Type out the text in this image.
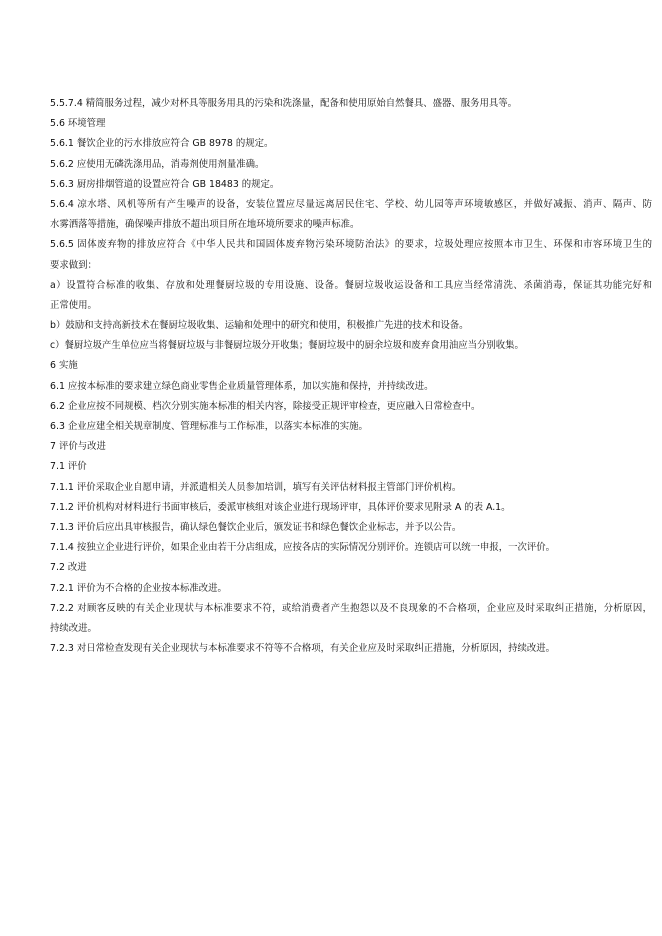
5.5.7.4 精简服务过程，减少对杯具等服务用具的污染和洗涤量，配备和使用原始自然餐具、盛器、服务用具等。

5.6 环境管理

5.6.1 餐饮企业的污水排放应符合 GB 8978 的规定。

5.6.2 应使用无磷洗涤用品，消毒剂使用剂量准确。

5.6.3 厨房排烟管道的设置应符合 GB 18483 的规定。

5.6.4 凉水塔、风机等所有产生噪声的设备，安装位置应尽量远离居民住宅、学校、幼儿园等声环境敏感区，并做好减振、消声、隔声、防

水雾洒落等措施，确保噪声排放不超出项目所在地环境所要求的噪声标准。

5.6.5 固体废弃物的排放应符合《中华人民共和国固体废弃物污染环境防治法》的要求，垃圾处理应按照本市卫生、环保和市容环境卫生的

要求做到：

a）设置符合标准的收集、存放和处理餐厨垃圾的专用设施、设备。餐厨垃圾收运设备和工具应当经常清洗、杀菌消毒，保证其功能完好和

正常使用。

b）鼓励和支持高新技术在餐厨垃圾收集、运输和处理中的研究和使用，积极推广先进的技术和设备。

c）餐厨垃圾产生单位应当将餐厨垃圾与非餐厨垃圾分开收集；餐厨垃圾中的厨余垃圾和废弃食用油应当分别收集。

6 实施

6.1 应按本标准的要求建立绿色商业零售企业质量管理体系，加以实施和保持，并持续改进。

6.2 企业应按不同规模、档次分别实施本标准的相关内容，除接受正规评审检查，更应融入日常检查中。

6.3 企业应建全相关规章制度、管理标准与工作标准，以落实本标准的实施。

7 评价与改进

7.1 评价

7.1.1 评价采取企业自愿申请，并派遣相关人员参加培训，填写有关评估材料报主管部门评价机构。

7.1.2 评价机构对材料进行书面审核后，委派审核组对该企业进行现场评审，具体评价要求见附录 A 的表 A.1。

7.1.3 评价后应出具审核报告，确认绿色餐饮企业后，颁发证书和绿色餐饮企业标志，并予以公告。

7.1.4 按独立企业进行评价，如果企业由若干分店组成，应按各店的实际情况分别评价。连锁店可以统一申报，一次评价。

7.2 改进

7.2.1 评价为不合格的企业按本标准改进。

7.2.2 对顾客反映的有关企业现状与本标准要求不符，或给消费者产生抱怨以及不良现象的不合格项，企业应及时采取纠正措施，分析原因，

持续改进。

7.2.3 对日常检查发现有关企业现状与本标准要求不符等不合格项，有关企业应及时采取纠正措施，分析原因，持续改进。
